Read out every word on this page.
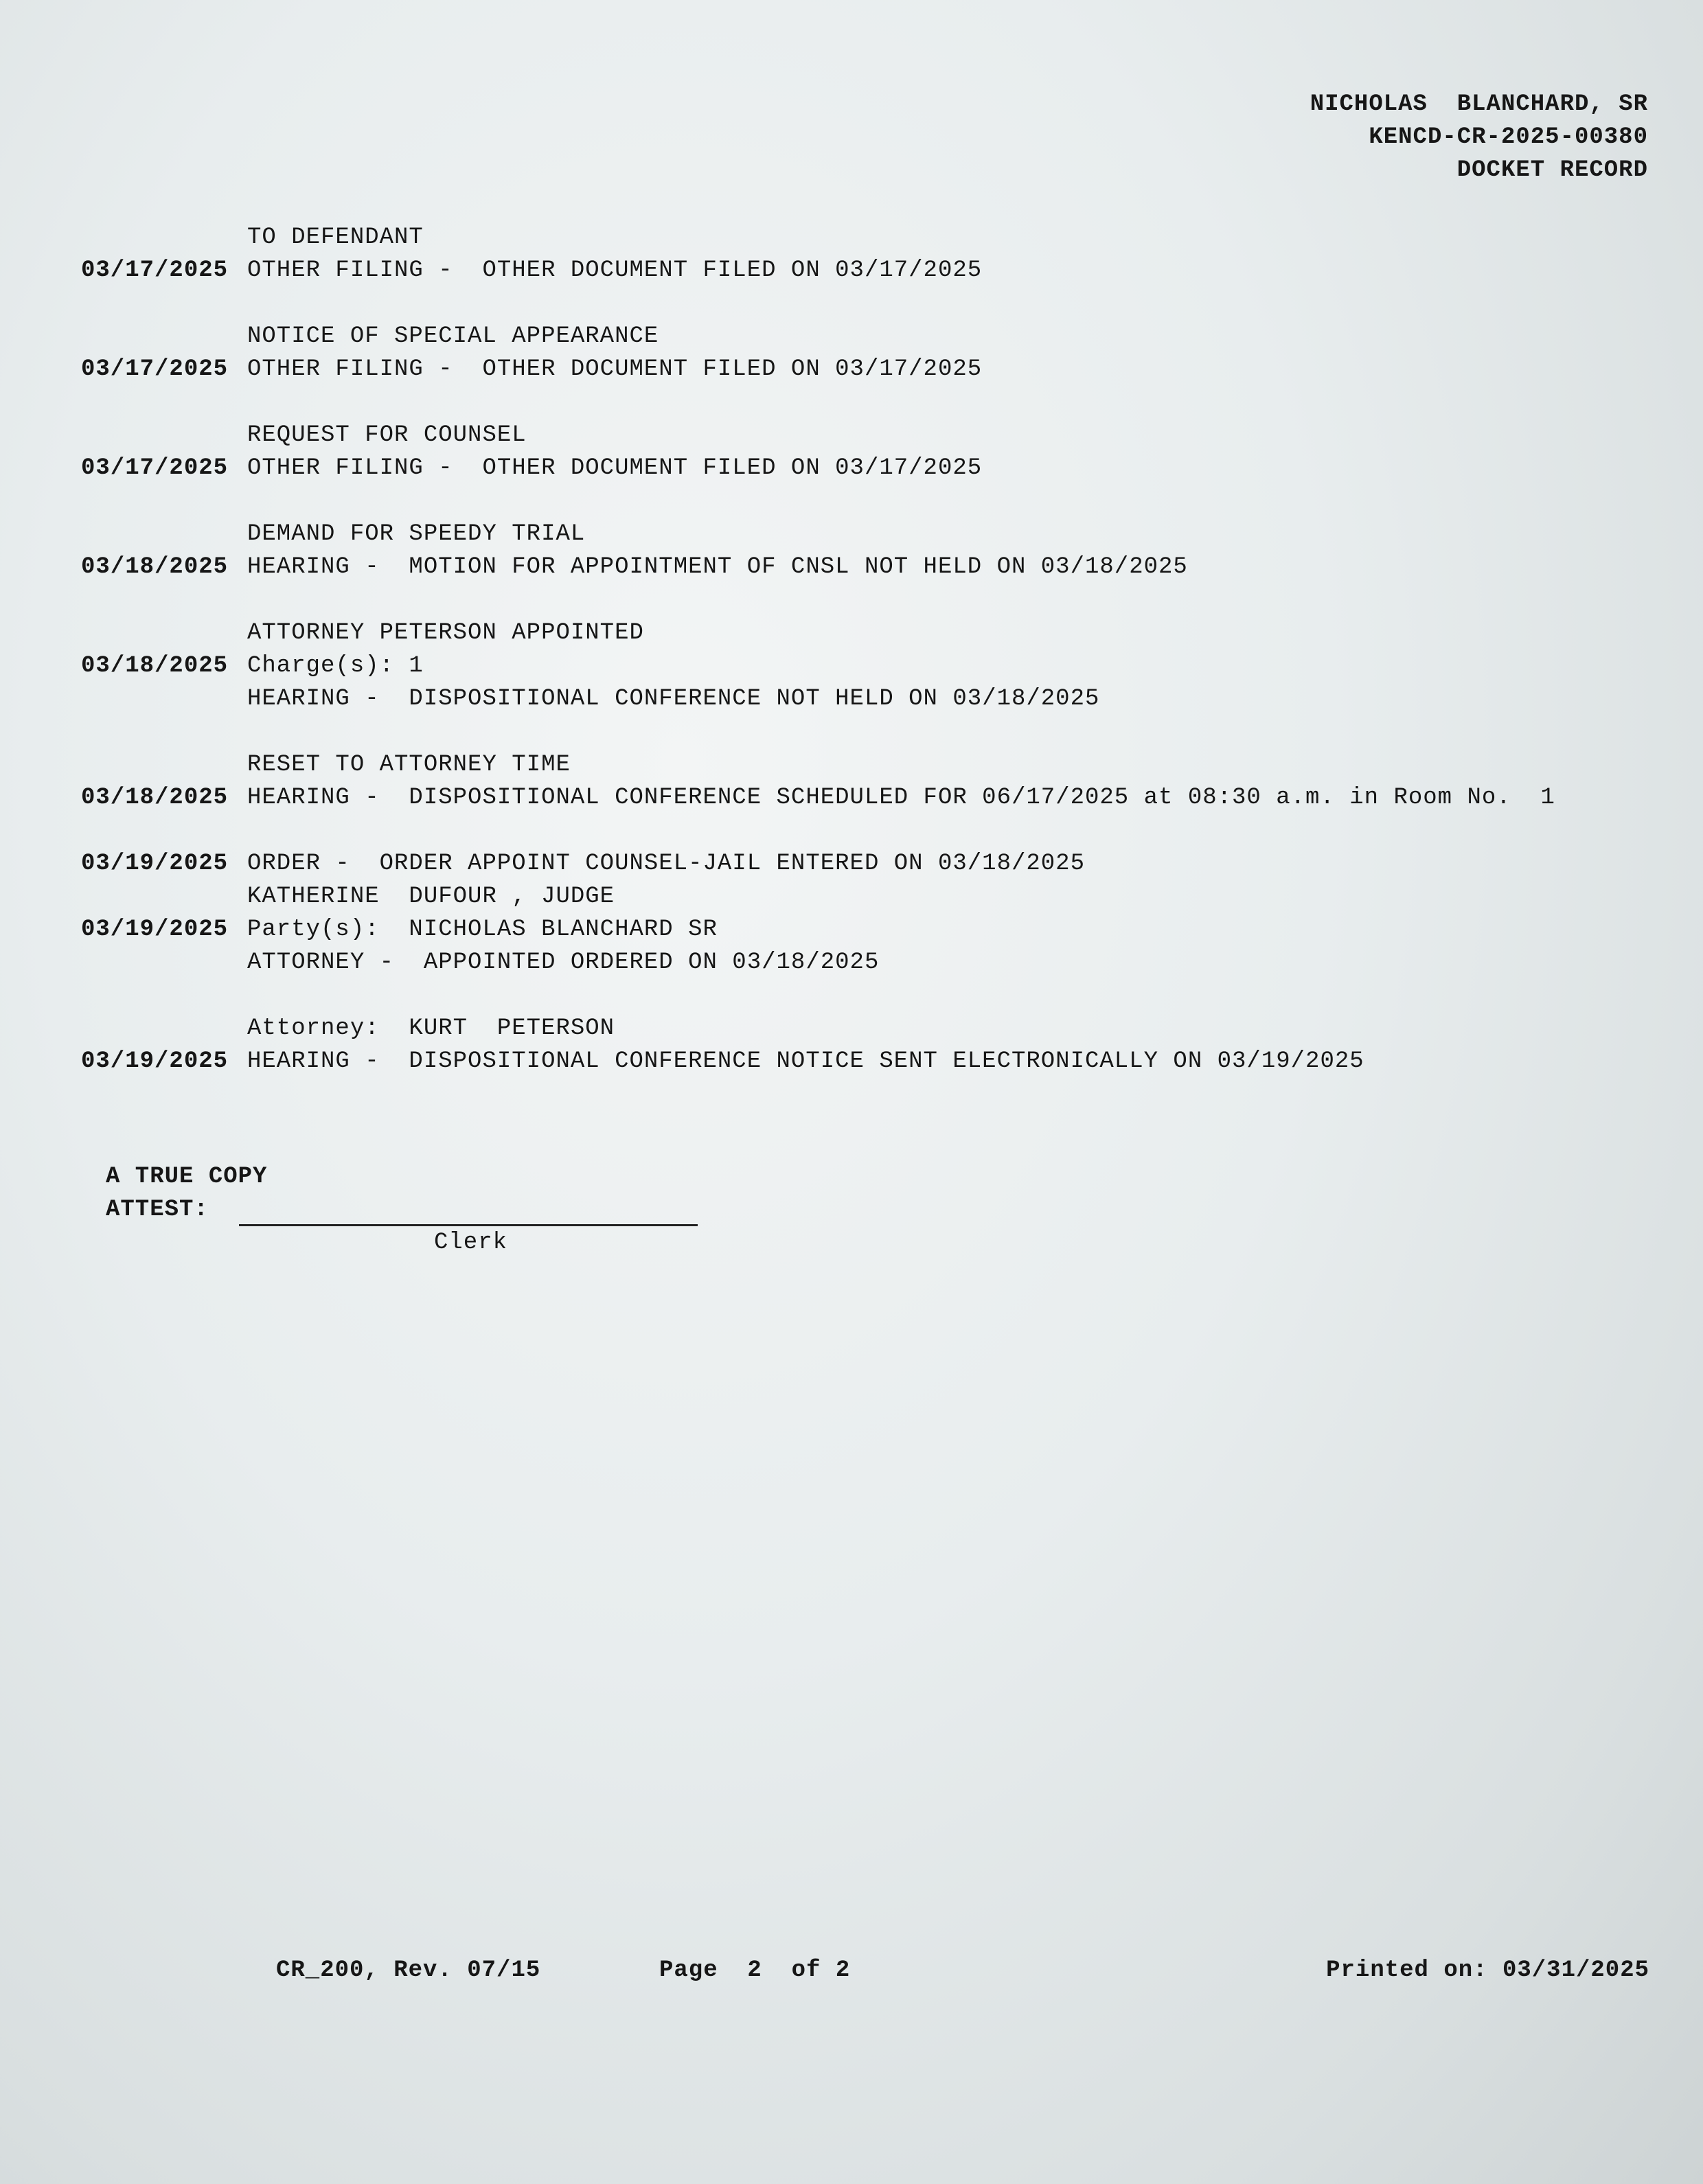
NICHOLAS  BLANCHARD, SR
KENCD-CR-2025-00380
DOCKET RECORD
TO DEFENDANT
03/17/2025 OTHER FILING -  OTHER DOCUMENT FILED ON 03/17/2025
NOTICE OF SPECIAL APPEARANCE
03/17/2025 OTHER FILING -  OTHER DOCUMENT FILED ON 03/17/2025
REQUEST FOR COUNSEL
03/17/2025 OTHER FILING -  OTHER DOCUMENT FILED ON 03/17/2025
DEMAND FOR SPEEDY TRIAL
03/18/2025 HEARING -  MOTION FOR APPOINTMENT OF CNSL NOT HELD ON 03/18/2025
ATTORNEY PETERSON APPOINTED
03/18/2025 Charge(s): 1
HEARING -  DISPOSITIONAL CONFERENCE NOT HELD ON 03/18/2025
RESET TO ATTORNEY TIME
03/18/2025 HEARING -  DISPOSITIONAL CONFERENCE SCHEDULED FOR 06/17/2025 at 08:30 a.m. in Room No.  1
03/19/2025 ORDER -  ORDER APPOINT COUNSEL-JAIL ENTERED ON 03/18/2025
KATHERINE  DUFOUR , JUDGE
03/19/2025 Party(s):  NICHOLAS BLANCHARD SR
ATTORNEY -  APPOINTED ORDERED ON 03/18/2025
Attorney:  KURT  PETERSON
03/19/2025 HEARING -  DISPOSITIONAL CONFERENCE NOTICE SENT ELECTRONICALLY ON 03/19/2025
A TRUE COPY
ATTEST:
Clerk
CR_200, Rev. 07/15	Page  2  of 2	Printed on: 03/31/2025
